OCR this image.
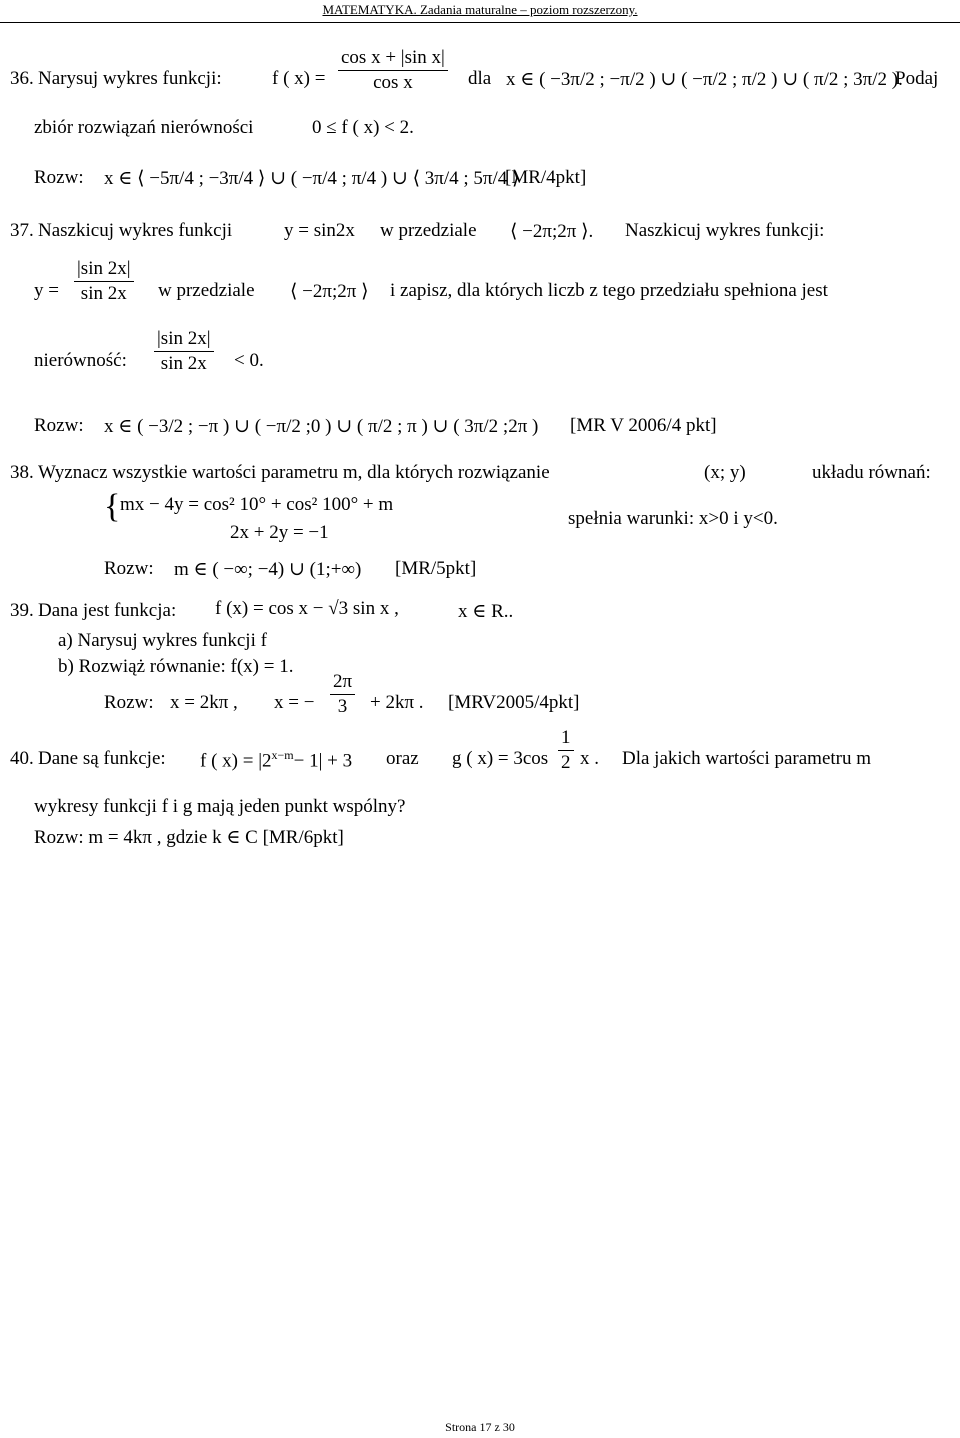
MATEMATYKA. Zadania maturalne – poziom rozszerzony.
36. Narysuj wykres funkcji:	f ( $x) = \frac{\text{cos x + |sin x|}}{\text{cos x}}$ dla x ∈ ( −3π/2 ; −π/2 ) ∪ ( −π/2 ; π/2 ) ∪ ( π/2 ; 3π/2 ).
Podaj
zbiór rozwiązań nierówności	0 ≤ f ( x) < 2.
Rozw: x ∈ ⟨ −5π/4 ; −3π/4 ⟩ ∪ ( −π/4 ; π/4 ) ∪ ⟨ 3π/4 ; 5π/4 ⟩
[MR/4pkt]
37. Naszkicuj wykres funkcji	y = sin2x w przedziale ⟨ −2π;2π ⟩. Naszkicuj wykres funkcji:
$y = \frac{|\sin 2x|}{\sin 2x}$ w przedziale ⟨ −2π;2π ⟩ i zapisz, dla których liczb z tego przedziału spełniona jest
nierówność: $\frac{|\sin 2x|}{\sin 2x} < 0$.
Rozw: x ∈ ( −3/2 ; −π ) ∪ ( −π/2 ;0 ) ∪ ( π/2 ; π ) ∪ ( 3π/2 ;2π ) [MR V 2006/4 pkt]
38. Wyznacz wszystkie wartości parametru m, dla których rozwiązanie	(x; y)	układu równań:
{ mx − 4y = cos² 10° + cos² 100° + m
2x + 2y = −1
spełnia warunki: x>0 i y<0.
Rozw: m ∈ ( −∞; −4) ∪ (1;+∞) [MR/5pkt]
39. Dana jest funkcja: f (x) = cos x − √3 sin x ,	x ∈ R..
a) Narysuj wykres funkcji f
b) Rozwiąż równanie: f(x) = 1.
Rozw: x = 2kπ , x = − $\frac{2\pi}{3} + 2k\pi$ . [MRV2005/4pkt]
40. Dane są funkcje: f ( $x) = |2^{x-m}- 1| + 3$ oraz g ( $x) = 3\cos \frac{1}{2}$ x . Dla jakich wartości parametru m
wykresy funkcji f i g mają jeden punkt wspólny?
Rozw: m = 4kπ , gdzie k ∈ C [MR/6pkt]
Strona 17 z 30
